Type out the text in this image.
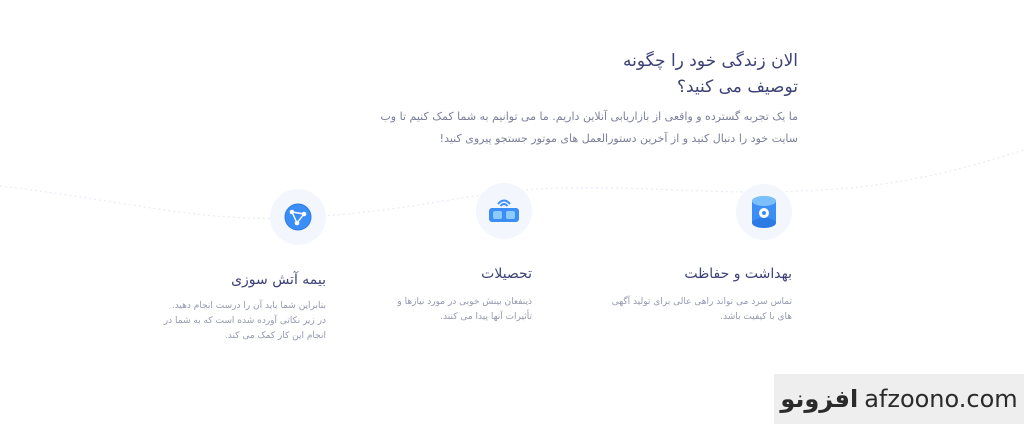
الان زندگی خود را چگونه
توصیف می کنید؟
ما یک تجربه گسترده و واقعی از بازاریابی آنلاین داریم. ما می توانیم به شما کمک کنیم تا وب سایت خود را دنبال کنید و از آخرین دستورالعمل های موتور جستجو پیروی کنید!
بهداشت و حفاظت
تماس سرد می تواند راهی عالی برای تولید آگهی های با کیفیت باشد.
تحصیلات
ذینفعان بینش خوبی در مورد نیازها و تأثیرات آنها پیدا می کنند.
بیمه آتش سوزی
بنابراین شما باید آن را درست انجام دهید. در زیر نکاتی آورده شده است که به شما در انجام این کار کمک می کند.
افزونو afzoono.com
